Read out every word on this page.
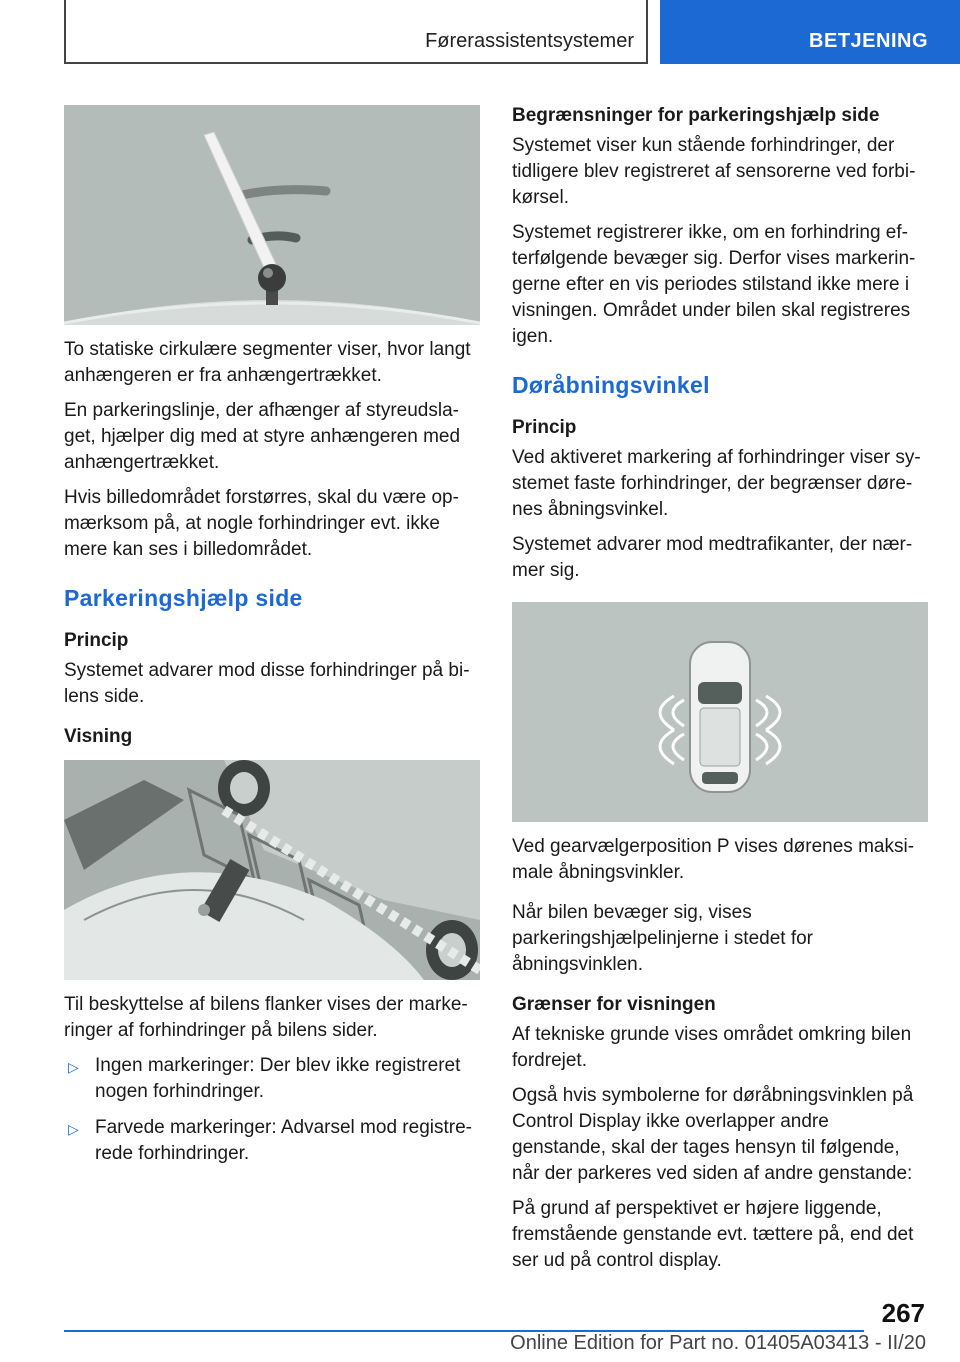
Førerassistentsystemer	BETJENING

To statiske cirkulære segmenter viser, hvor langt anhængeren er fra anhængertrækket.

En parkeringslinje, der afhænger af styreudslaget, hjælper dig med at styre anhængeren med anhængertrækket.

Hvis billedområdet forstørres, skal du være opmærksom på, at nogle forhindringer evt. ikke mere kan ses i billedområdet.

Parkeringshjælp side
Princip

Systemet advarer mod disse forhindringer på bilens side.

Visning

Til beskyttelse af bilens flanker vises der markeringer af forhindringer på bilens sider.

▷ Ingen markeringer: Der blev ikke registreret nogen forhindringer.
▷ Farvede markeringer: Advarsel mod registrerede forhindringer.
Begrænsninger for parkeringshjælp side

Systemet viser kun stående forhindringer, der tidligere blev registreret af sensorerne ved forbikørsel.

Systemet registrerer ikke, om en forhindring efterfølgende bevæger sig. Derfor vises markeringerne efter en vis periodes stilstand ikke mere i visningen. Området under bilen skal registreres igen.

Døråbningsvinkel
Princip

Ved aktiveret markering af forhindringer viser systemet faste forhindringer, der begrænser dørenes åbningsvinkel.

Systemet advarer mod medtrafikanter, der nærmer sig.

Ved gearvælgerposition P vises dørenes maksimale åbningsvinkler.

Når bilen bevæger sig, vises parkeringshjælpelinjerne i stedet for åbningsvinklen.

Grænser for visningen

Af tekniske grunde vises området omkring bilen fordrejet.

Også hvis symbolerne for døråbningsvinklen på Control Display ikke overlapper andre genstande, skal der tages hensyn til følgende, når der parkeres ved siden af andre genstande:

På grund af perspektivet er højere liggende, fremstående genstande evt. tættere på, end det ser ud på control display.

267
Online Edition for Part no. 01405A03413 - II/20
